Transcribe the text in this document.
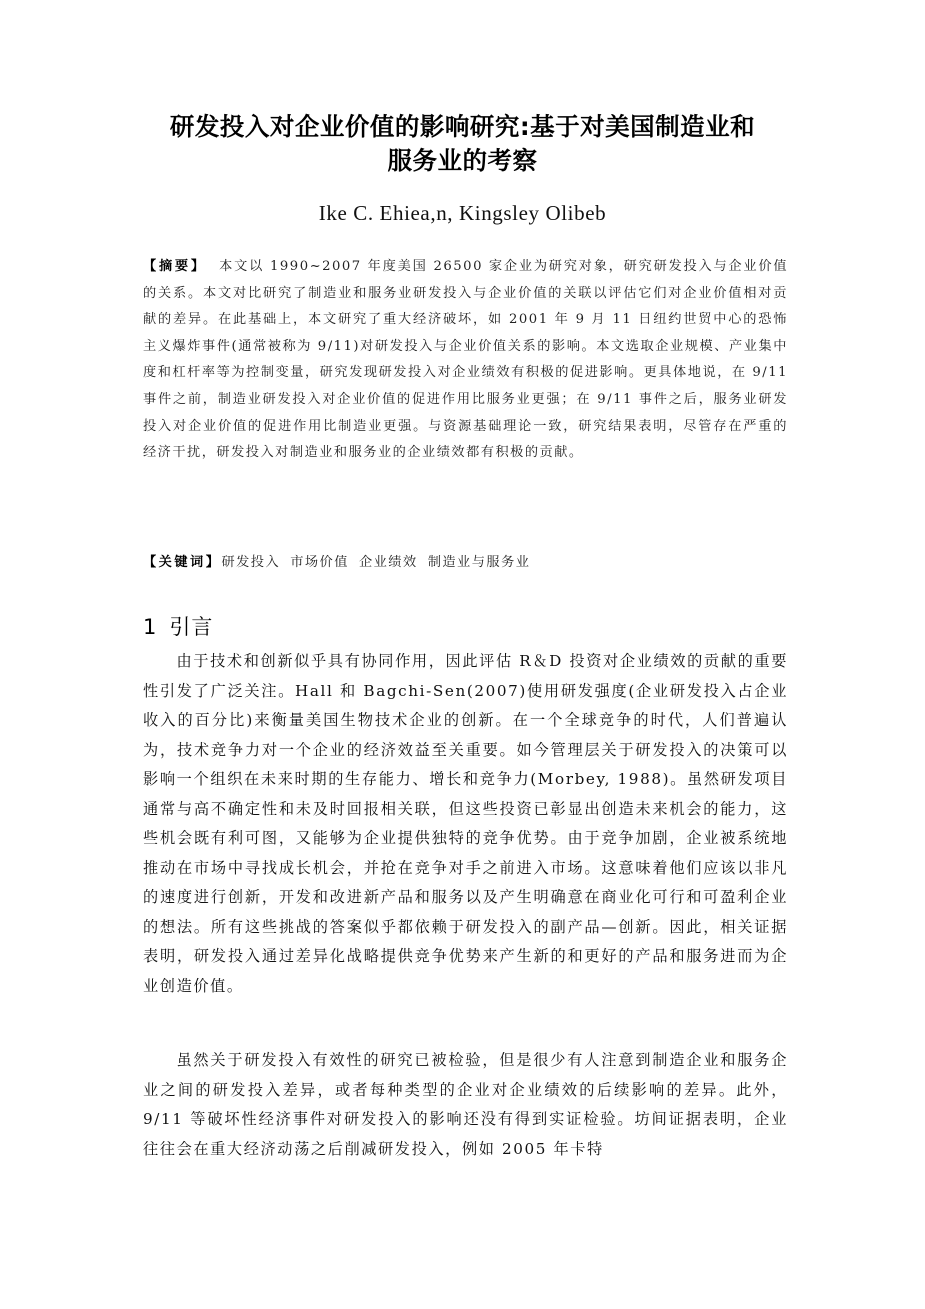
研发投入对企业价值的影响研究:基于对美国制造业和
服务业的考察
Ike C. Ehiea,n, Kingsley Olibeb
【摘要】 本文以 1990~2007 年度美国 26500 家企业为研究对象，研究研发投入与企业价值的关系。本文对比研究了制造业和服务业研发投入与企业价值的关联以评估它们对企业价值相对贡献的差异。在此基础上，本文研究了重大经济破坏，如 2001 年 9 月 11 日纽约世贸中心的恐怖主义爆炸事件(通常被称为 9/11)对研发投入与企业价值关系的影响。本文选取企业规模、产业集中度和杠杆率等为控制变量，研究发现研发投入对企业绩效有积极的促进影响。更具体地说，在 9/11 事件之前，制造业研发投入对企业价值的促进作用比服务业更强；在 9/11 事件之后，服务业研发投入对企业价值的促进作用比制造业更强。与资源基础理论一致，研究结果表明，尽管存在严重的经济干扰，研发投入对制造业和服务业的企业绩效都有积极的贡献。
【关键词】研发投入 市场价值 企业绩效 制造业与服务业
1 引言
由于技术和创新似乎具有协同作用，因此评估 R＆D 投资对企业绩效的贡献的重要性引发了广泛关注。Hall 和 Bagchi-Sen(2007)使用研发强度(企业研发投入占企业收入的百分比)来衡量美国生物技术企业的创新。在一个全球竞争的时代，人们普遍认为，技术竞争力对一个企业的经济效益至关重要。如今管理层关于研发投入的决策可以影响一个组织在未来时期的生存能力、增长和竞争力(Morbey, 1988)。虽然研发项目通常与高不确定性和未及时回报相关联，但这些投资已彰显出创造未来机会的能力，这些机会既有利可图，又能够为企业提供独特的竞争优势。由于竞争加剧，企业被系统地推动在市场中寻找成长机会，并抢在竞争对手之前进入市场。这意味着他们应该以非凡的速度进行创新，开发和改进新产品和服务以及产生明确意在商业化可行和可盈利企业的想法。所有这些挑战的答案似乎都依赖于研发投入的副产品—创新。因此，相关证据表明，研发投入通过差异化战略提供竞争优势来产生新的和更好的产品和服务进而为企业创造价值。
虽然关于研发投入有效性的研究已被检验，但是很少有人注意到制造企业和服务企业之间的研发投入差异，或者每种类型的企业对企业绩效的后续影响的差异。此外，9/11 等破坏性经济事件对研发投入的影响还没有得到实证检验。坊间证据表明，企业往往会在重大经济动荡之后削减研发投入，例如 2005 年卡特
